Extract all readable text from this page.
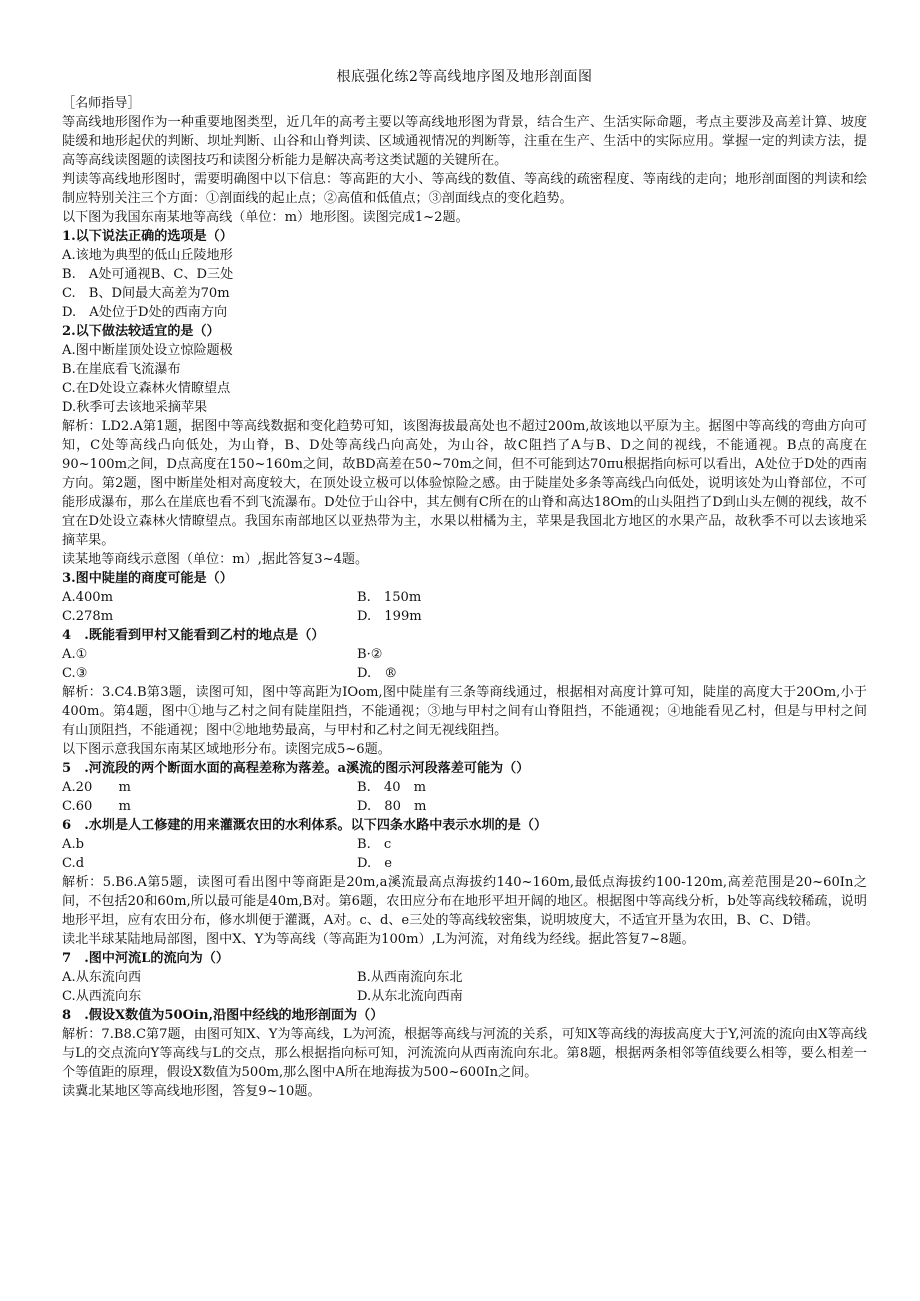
根底强化练2等高线地序图及地形剖面图

［名师指导］

等高线地形图作为一种重要地图类型，近几年的高考主要以等高线地形图为背景，结合生产、生活实际命题，考点主要涉及高差计算、坡度陡缓和地形起伏的判断、坝址判断、山谷和山脊判读、区域通视情况的判断等，注重在生产、生活中的实际应用。掌握一定的判读方法，提高等高线读图题的读图技巧和读图分析能力是解决高考这类试题的关键所在。

判读等高线地形图时，需要明确图中以下信息：等高距的大小、等高线的数值、等高线的疏密程度、等南线的走向；地形剖面图的判读和绘制应特别关注三个方面：①剖面线的起止点；②高值和低值点；③剖面线点的变化趋势。

以下图为我国东南某地等高线（单位：m）地形图。读图完成1~2题。

1.以下说法正确的选项是（）

A.该地为典型的低山丘陵地形

B.　A处可通视B、C、D三处

C.　B、D间最大高差为70m

D.　A处位于D处的西南方向

2.以下做法较适宜的是（）

A.图中断崖顶处设立惊险题极

B.在崖底看飞流瀑布

C.在D处设立森林火情瞭望点

D.秋季可去该地采摘苹果

解析：LD2.A第1题，据图中等高线数据和变化趋势可知，该图海拔最高处也不超过200m,故该地以平原为主。据图中等高线的弯曲方向可知，C处等高线凸向低处，为山脊，B、D处等高线凸向高处，为山谷，故C阻挡了A与B、D之间的视线，不能通视。B点的高度在90~100m之间，D点高度在150~160m之间，故BD高差在50~70m之间，但不可能到达70πu根据指向标可以看出，A处位于D处的西南方向。第2题，图中断崖处相对高度较大，在顶处设立极可以体验惊险之感。由于陡崖处多条等高线凸向低处，说明该处为山脊部位，不可能形成瀑布，那么在崖底也看不到飞流瀑布。D处位于山谷中，其左侧有C所在的山脊和高达18Om的山头阻挡了D到山头左侧的视线，故不宜在D处设立森林火情瞭望点。我国东南部地区以亚热带为主，水果以柑橘为主，苹果是我国北方地区的水果产品，故秋季不可以去该地采摘苹果。

读某地等商线示意图（单位：m）,据此答复3~4题。

3.图中陡崖的商度可能是（）

A.400m	B.　150m
C.278m	D.　199m

4　.既能看到甲村又能看到乙村的地点是（）

A.①	B·②
C.③	D.　®

解析：3.C4.B第3题，读图可知，图中等高距为IOom,图中陡崖有三条等商线通过，根据相对高度计算可知，陡崖的高度大于20Om,小于400m。第4题，图中①地与乙村之间有陡崖阻挡，不能通视；③地与甲村之间有山脊阻挡，不能通视；④地能看见乙村，但是与甲村之间有山顶阻挡，不能通视；图中②地地势最高，与甲村和乙村之间无视线阻挡。

以下图示意我国东南某区域地形分布。读图完成5~6题。

5　.河流段的两个断面水面的高程差称为落差。a溪流的图示河段落差可能为（）

A.20　　m	B.　40　m
C.60　　m	D.　80　m

6　.水圳是人工修建的用来灌溉农田的水利体系。以下四条水路中表示水圳的是（）

A.b	B.　c
C.d	D.　e

解析：5.B6.A第5题，读图可看出图中等商距是20m,a溪流最高点海拔约140~160m,最低点海拔约100-120m,高差范围是20~60In之间，不包括20和60m,所以最可能是40m,B对。第6题，农田应分布在地形平坦开阔的地区。根据图中等高线分析，b处等高线较稀疏，说明地形平坦，应有农田分布，修水圳便于灌溉，A对。c、d、e三处的等高线较密集，说明坡度大，不适宜开垦为农田，B、C、D错。

读北半球某陆地局部图，图中X、Y为等高线（等高距为100m）,L为河流，对角线为经线。据此答复7~8题。

7　.图中河流L的流向为（）

A.从东流向西	B.从西南流向东北
C.从西流向东	D.从东北流向西南

8　.假设X数值为50Oin,沿图中经线的地形剖面为（）

解析：7.B8.C第7题，由图可知X、Y为等高线，L为河流，根据等高线与河流的关系，可知X等高线的海拔高度大于Y,河流的流向由X等高线与L的交点流向Y等高线与L的交点，那么根据指向标可知，河流流向从西南流向东北。第8题，根据两条相邻等值线要么相等，要么相差一个等值距的原理，假设X数值为500m,那么图中A所在地海拔为500~600In之间。

读冀北某地区等高线地形图，答复9~10题。
